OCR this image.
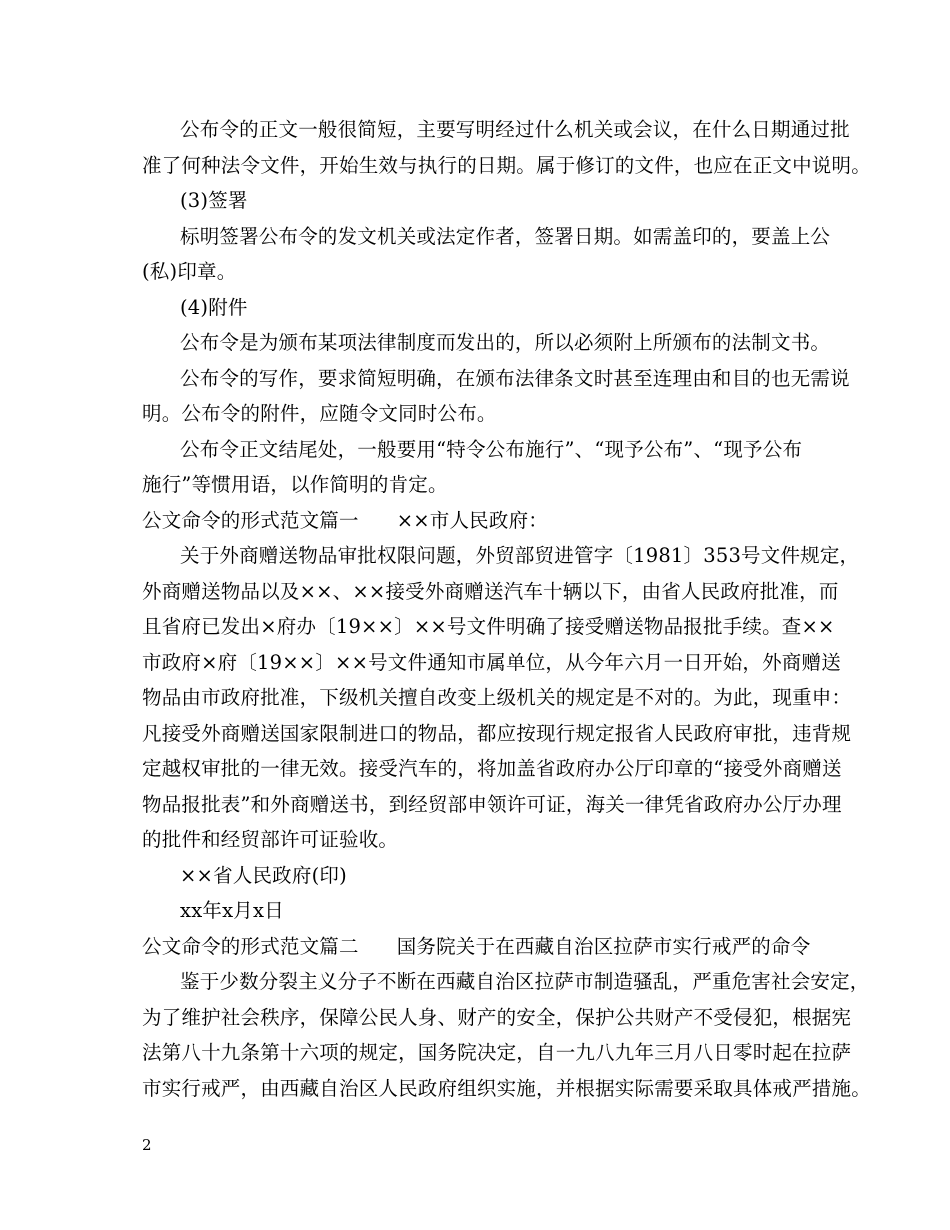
公布令的正文一般很简短，主要写明经过什么机关或会议，在什么日期通过批
准了何种法令文件，开始生效与执行的日期。属于修订的文件，也应在正文中说明。
(3)签署
标明签署公布令的发文机关或法定作者，签署日期。如需盖印的，要盖上公
(私)印章。
(4)附件
公布令是为颁布某项法律制度而发出的，所以必须附上所颁布的法制文书。
公布令的写作，要求简短明确，在颁布法律条文时甚至连理由和目的也无需说
明。公布令的附件，应随令文同时公布。
公布令正文结尾处，一般要用“特令公布施行”、“现予公布”、“现予公布
施行”等惯用语，以作简明的肯定。
公文命令的形式范文篇一 ××市人民政府：
关于外商赠送物品审批权限问题，外贸部贸进管字〔1981〕353号文件规定，
外商赠送物品以及××、××接受外商赠送汽车十辆以下，由省人民政府批准，而
且省府已发出×府办〔19××〕××号文件明确了接受赠送物品报批手续。查××
市政府×府〔19××〕××号文件通知市属单位，从今年六月一日开始，外商赠送
物品由市政府批准，下级机关擅自改变上级机关的规定是不对的。为此，现重申：
凡接受外商赠送国家限制进口的物品，都应按现行规定报省人民政府审批，违背规
定越权审批的一律无效。接受汽车的，将加盖省政府办公厅印章的“接受外商赠送
物品报批表”和外商赠送书，到经贸部申领许可证，海关一律凭省政府办公厅办理
的批件和经贸部许可证验收。
××省人民政府(印)
xx年x月x日
公文命令的形式范文篇二 国务院关于在西藏自治区拉萨市实行戒严的命令
鉴于少数分裂主义分子不断在西藏自治区拉萨市制造骚乱，严重危害社会安定，
为了维护社会秩序，保障公民人身、财产的安全，保护公共财产不受侵犯，根据宪
法第八十九条第十六项的规定，国务院决定，自一九八九年三月八日零时起在拉萨
市实行戒严，由西藏自治区人民政府组织实施，并根据实际需要采取具体戒严措施。
2
